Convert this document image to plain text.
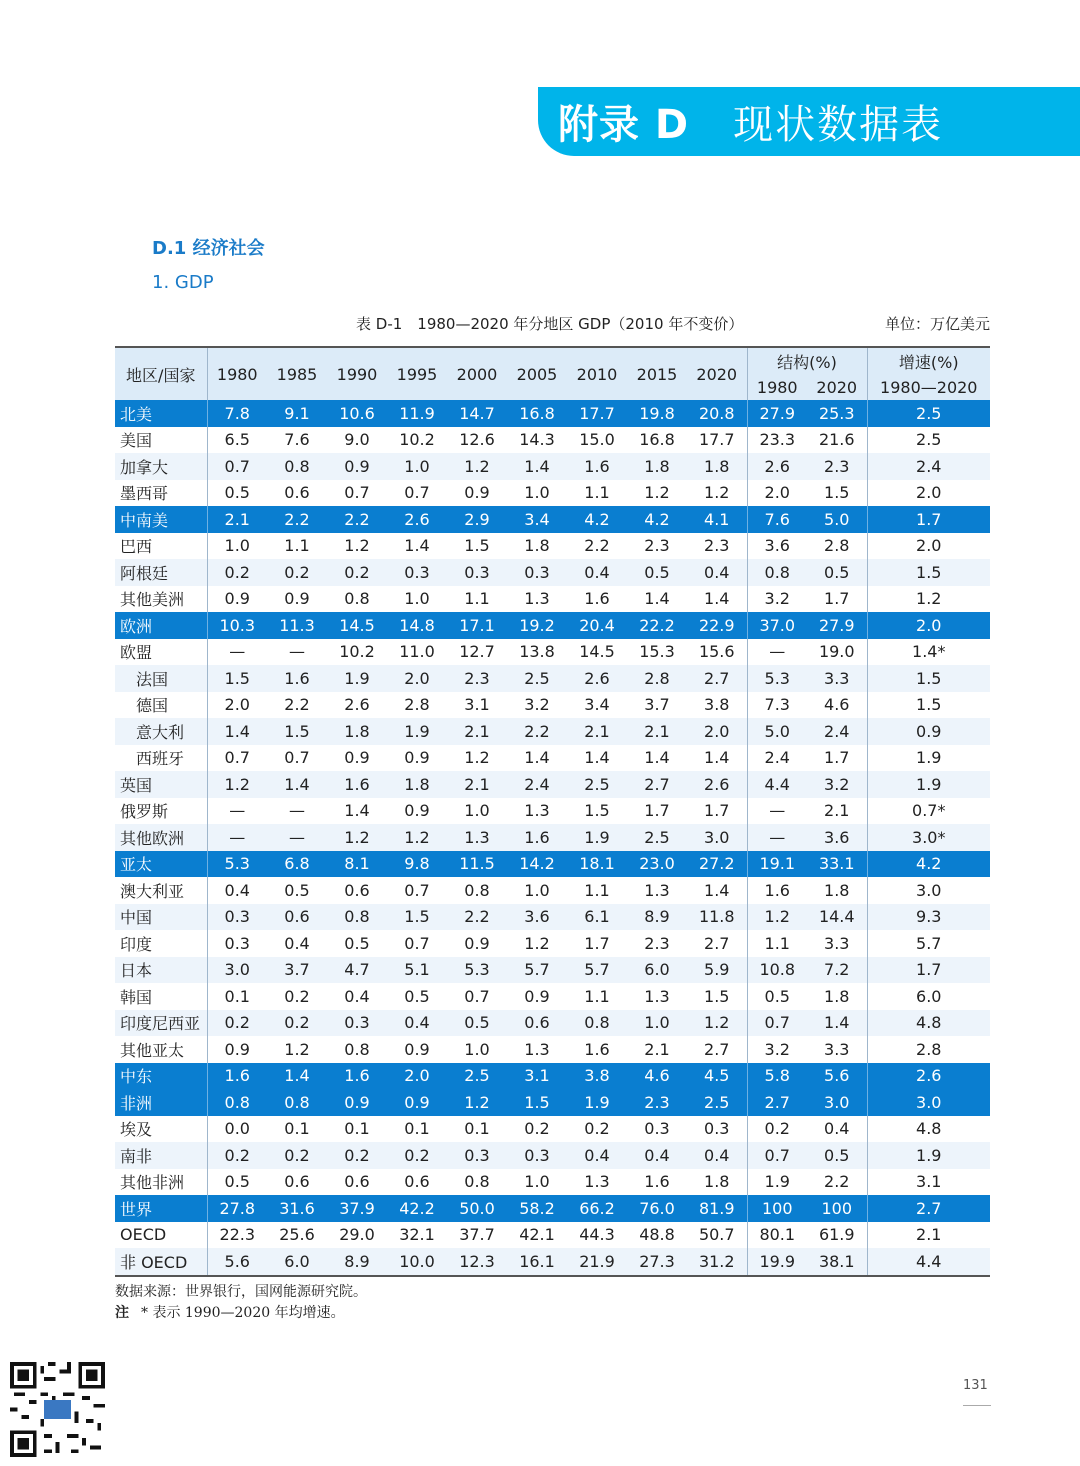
附录 D 现状数据表
D.1 经济社会
1. GDP
表 D-1　1980—2020 年分地区 GDP（2010 年不变价）	单位：万亿美元
地区/国家	1980	1985	1990	1995	2000	2005	2010	2015	2020	结构(%)		增速(%)
										1980	2020	1980—2020
北美	7.8	9.1	10.6	11.9	14.7	16.8	17.7	19.8	20.8	27.9	25.3	2.5
美国	6.5	7.6	9.0	10.2	12.6	14.3	15.0	16.8	17.7	23.3	21.6	2.5
加拿大	0.7	0.8	0.9	1.0	1.2	1.4	1.6	1.8	1.8	2.6	2.3	2.4
墨西哥	0.5	0.6	0.7	0.7	0.9	1.0	1.1	1.2	1.2	2.0	1.5	2.0
中南美	2.1	2.2	2.2	2.6	2.9	3.4	4.2	4.2	4.1	7.6	5.0	1.7
巴西	1.0	1.1	1.2	1.4	1.5	1.8	2.2	2.3	2.3	3.6	2.8	2.0
阿根廷	0.2	0.2	0.2	0.3	0.3	0.3	0.4	0.5	0.4	0.8	0.5	1.5
其他美洲	0.9	0.9	0.8	1.0	1.1	1.3	1.6	1.4	1.4	3.2	1.7	1.2
欧洲	10.3	11.3	14.5	14.8	17.1	19.2	20.4	22.2	22.9	37.0	27.9	2.0
欧盟	—	—	10.2	11.0	12.7	13.8	14.5	15.3	15.6	—	19.0	1.4*
法国	1.5	1.6	1.9	2.0	2.3	2.5	2.6	2.8	2.7	5.3	3.3	1.5
德国	2.0	2.2	2.6	2.8	3.1	3.2	3.4	3.7	3.8	7.3	4.6	1.5
意大利	1.4	1.5	1.8	1.9	2.1	2.2	2.1	2.1	2.0	5.0	2.4	0.9
西班牙	0.7	0.7	0.9	0.9	1.2	1.4	1.4	1.4	1.4	2.4	1.7	1.9
英国	1.2	1.4	1.6	1.8	2.1	2.4	2.5	2.7	2.6	4.4	3.2	1.9
俄罗斯	—	—	1.4	0.9	1.0	1.3	1.5	1.7	1.7	—	2.1	0.7*
其他欧洲	—	—	1.2	1.2	1.3	1.6	1.9	2.5	3.0	—	3.6	3.0*
亚太	5.3	6.8	8.1	9.8	11.5	14.2	18.1	23.0	27.2	19.1	33.1	4.2
澳大利亚	0.4	0.5	0.6	0.7	0.8	1.0	1.1	1.3	1.4	1.6	1.8	3.0
中国	0.3	0.6	0.8	1.5	2.2	3.6	6.1	8.9	11.8	1.2	14.4	9.3
印度	0.3	0.4	0.5	0.7	0.9	1.2	1.7	2.3	2.7	1.1	3.3	5.7
日本	3.0	3.7	4.7	5.1	5.3	5.7	5.7	6.0	5.9	10.8	7.2	1.7
韩国	0.1	0.2	0.4	0.5	0.7	0.9	1.1	1.3	1.5	0.5	1.8	6.0
印度尼西亚	0.2	0.2	0.3	0.4	0.5	0.6	0.8	1.0	1.2	0.7	1.4	4.8
其他亚太	0.9	1.2	0.8	0.9	1.0	1.3	1.6	2.1	2.7	3.2	3.3	2.8
中东	1.6	1.4	1.6	2.0	2.5	3.1	3.8	4.6	4.5	5.8	5.6	2.6
非洲	0.8	0.8	0.9	0.9	1.2	1.5	1.9	2.3	2.5	2.7	3.0	3.0
埃及	0.0	0.1	0.1	0.1	0.1	0.2	0.2	0.3	0.3	0.2	0.4	4.8
南非	0.2	0.2	0.2	0.2	0.3	0.3	0.4	0.4	0.4	0.7	0.5	1.9
其他非洲	0.5	0.6	0.6	0.6	0.8	1.0	1.3	1.6	1.8	1.9	2.2	3.1
世界	27.8	31.6	37.9	42.2	50.0	58.2	66.2	76.0	81.9	100	100	2.7
OECD	22.3	25.6	29.0	32.1	37.7	42.1	44.3	48.8	50.7	80.1	61.9	2.1
非 OECD	5.6	6.0	8.9	10.0	12.3	16.1	21.9	27.3	31.2	19.9	38.1	4.4
数据来源：世界银行，国网能源研究院。
注 * 表示 1990—2020 年均增速。
131
